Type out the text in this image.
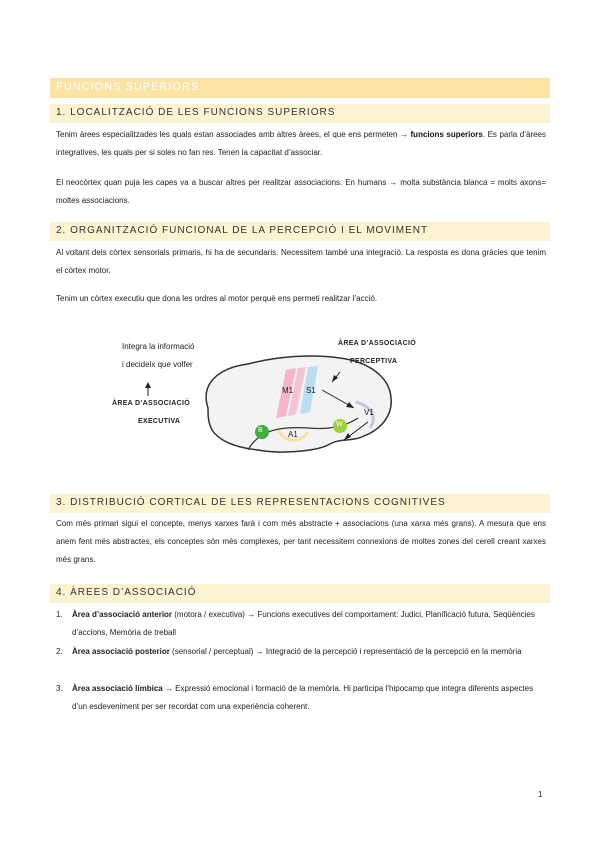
FUNCIONS SUPERIORS
1. LOCALITZACIÓ DE LES FUNCIONS SUPERIORS
Tenim àrees especialitzades les quals estan associades amb altres àrees, el que ens permeten → funcions superiors. Es parla d’àrees integratives, les quals per si soles no fan res. Tenen la capacitat d’associar.
El neocòrtex quan puja les capes va a buscar altres per realitzar associacions. En humans → molta substància blanca = molts axons= moltes associacions.
2. ORGANITZACIÓ FUNCIONAL DE LA PERCEPCIÓ I EL MOVIMENT
Al voltant dels còrtex sensorials primaris, hi ha de secundaris. Necessitem també una integració. La resposta es dona gràcies que tenim el còrtex motor.
Tenim un còrtex executiu que dona les ordres al motor perquè ens permeti realitzar l’acció.
Integra la informació
i decideix que volfer
ÀREA D’ASSOCIACIÓ
EXECUTIVA
ÀREA D’ASSOCIACIÓ
PERCEPTIVA
M1 S1
V1
A1
B
W
3. DISTRIBUCIÓ CORTICAL DE LES REPRESENTACIONS COGNITIVES
Com més primari sigui el concepte, menys xarxes farà i com més abstracte + associacions (una xarxa més grans). A mesura que ens anem fent més abstractes, els conceptes són més complexes, per tant necessitem connexions de moltes zones del cerell creant xarxes més grans.
4. ÀREES D’ASSOCIACIÓ
1. Àrea d’associació anterior (motora / executiva) → Funcions executives del comportament: Judici, Planificació futura, Seqüències d’accions, Memòria de treball
2. Àrea associació posterior (sensorial / perceptual) → Integració de la percepció i representació de la percepció en la memòria
3. Àrea associació límbica → Expressió emocional i formació de la memòria. Hi participa l’hipocamp que integra diferents aspectes d’un esdeveniment per ser recordat com una experiència coherent.
1
